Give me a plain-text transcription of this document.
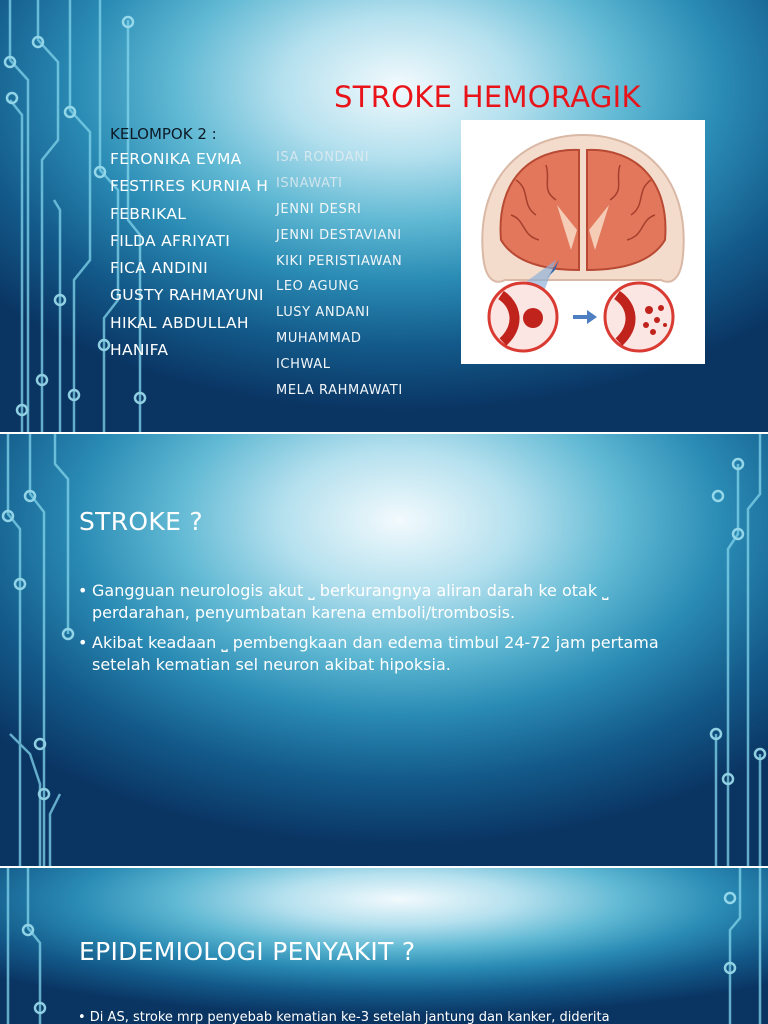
STROKE HEMORAGIK
KELOMPOK 2 :
FERONIKA EVMA
FESTIRES KURNIA H
FEBRIKAL
FILDA AFRIYATI
FICA ANDINI
GUSTY RAHMAYUNI
HIKAL ABDULLAH
HANIFA
ISA RONDANI
ISNAWATI
JENNI DESRI
JENNI DESTAVIANI
KIKI PERISTIAWAN
LEO AGUNG
LUSY ANDANI
MUHAMMAD
ICHWAL
MELA RAHMAWATI
STROKE ?
• Gangguan neurologis akut ⎵ berkurangnya aliran darah ke otak ⎵ perdarahan, penyumbatan karena emboli/trombosis.
• Akibat keadaan ⎵ pembengkaan dan edema timbul 24-72 jam pertama setelah kematian sel neuron akibat hipoksia.
EPIDEMIOLOGI PENYAKIT ?
• Di AS, stroke mrp penyebab kematian ke-3 setelah jantung dan kanker, diderita
